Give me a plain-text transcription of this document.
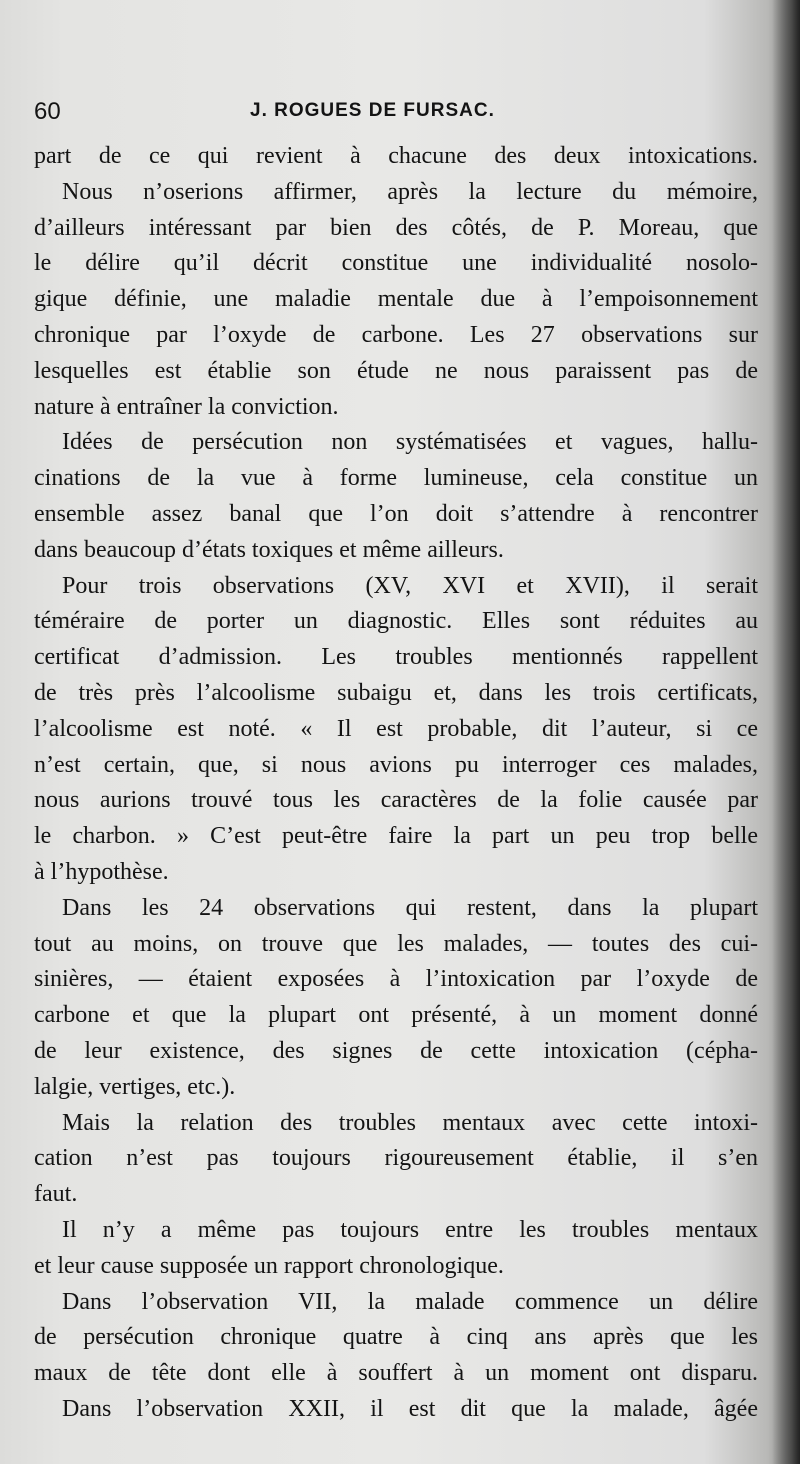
60	J. ROGUES DE FURSAC.
part de ce qui revient à chacune des deux intoxications.
Nous n’oserions affirmer, après la lecture du mémoire,
d’ailleurs intéressant par bien des côtés, de P. Moreau, que
le délire qu’il décrit constitue une individualité nosolo-
gique définie, une maladie mentale due à l’empoisonnement
chronique par l’oxyde de carbone. Les 27 observations sur
lesquelles est établie son étude ne nous paraissent pas de
nature à entraîner la conviction.
Idées de persécution non systématisées et vagues, hallu-
cinations de la vue à forme lumineuse, cela constitue un
ensemble assez banal que l’on doit s’attendre à rencontrer
dans beaucoup d’états toxiques et même ailleurs.
Pour trois observations (XV, XVI et XVII), il serait
téméraire de porter un diagnostic. Elles sont réduites au
certificat d’admission. Les troubles mentionnés rappellent
de très près l’alcoolisme subaigu et, dans les trois certificats,
l’alcoolisme est noté. « Il est probable, dit l’auteur, si ce
n’est certain, que, si nous avions pu interroger ces malades,
nous aurions trouvé tous les caractères de la folie causée par
le charbon. » C’est peut-être faire la part un peu trop belle
à l’hypothèse.
Dans les 24 observations qui restent, dans la plupart
tout au moins, on trouve que les malades, — toutes des cui-
sinières, — étaient exposées à l’intoxication par l’oxyde de
carbone et que la plupart ont présenté, à un moment donné
de leur existence, des signes de cette intoxication (cépha-
lalgie, vertiges, etc.).
Mais la relation des troubles mentaux avec cette intoxi-
cation n’est pas toujours rigoureusement établie, il s’en
faut.
Il n’y a même pas toujours entre les troubles mentaux
et leur cause supposée un rapport chronologique.
Dans l’observation VII, la malade commence un délire
de persécution chronique quatre à cinq ans après que les
maux de tête dont elle à souffert à un moment ont disparu.
Dans l’observation XXII, il est dit que la malade, âgée
